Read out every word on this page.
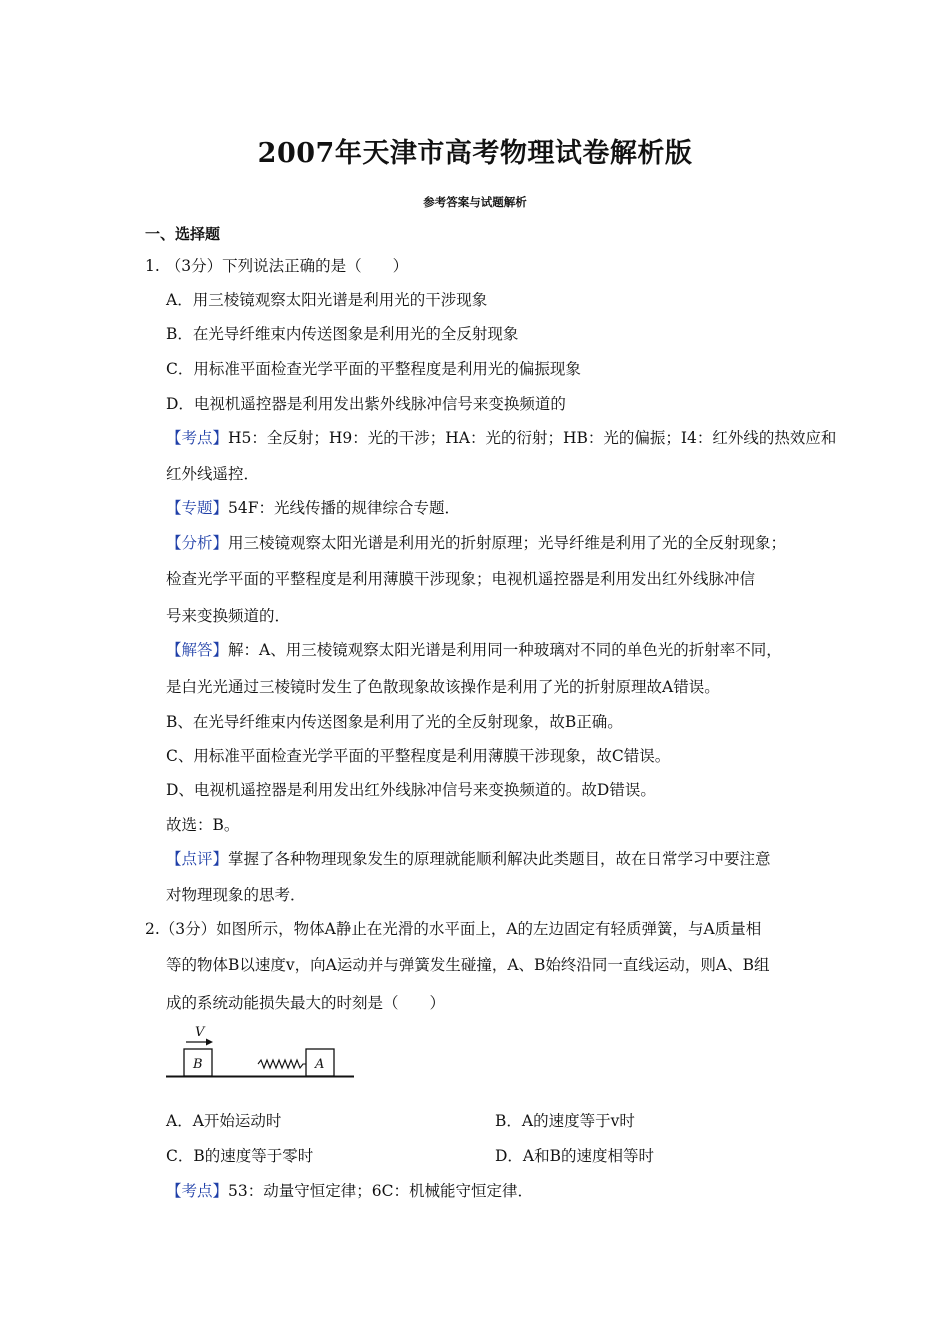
2007年天津市高考物理试卷解析版
参考答案与试题解析
一、选择题
1. （3分）下列说法正确的是（　　）
A．用三棱镜观察太阳光谱是利用光的干涉现象
B．在光导纤维束内传送图象是利用光的全反射现象
C．用标准平面检查光学平面的平整程度是利用光的偏振现象
D．电视机遥控器是利用发出紫外线脉冲信号来变换频道的
【考点】H5：全反射；H9：光的干涉；HA：光的衍射；HB：光的偏振；I4：红外线的热效应和
红外线遥控．
【专题】54F：光线传播的规律综合专题．
【分析】用三棱镜观察太阳光谱是利用光的折射原理；光导纤维是利用了光的全反射现象；
检查光学平面的平整程度是利用薄膜干涉现象；电视机遥控器是利用发出红外线脉冲信
号来变换频道的．
【解答】解：A、用三棱镜观察太阳光谱是利用同一种玻璃对不同的单色光的折射率不同，
是白光光通过三棱镜时发生了色散现象故该操作是利用了光的折射原理故A错误。
B、在光导纤维束内传送图象是利用了光的全反射现象，故B正确。
C、用标准平面检查光学平面的平整程度是利用薄膜干涉现象，故C错误。
D、电视机遥控器是利用发出红外线脉冲信号来变换频道的。故D错误。
故选：B。
【点评】掌握了各种物理现象发生的原理就能顺利解决此类题目，故在日常学习中要注意
对物理现象的思考．
2.（3分）如图所示，物体A静止在光滑的水平面上，A的左边固定有轻质弹簧，与A质量相
等的物体B以速度v，向A运动并与弹簧发生碰撞，A、B始终沿同一直线运动，则A、B组
成的系统动能损失最大的时刻是（　　）
V
B	A
A．A开始运动时	B．A的速度等于v时
C．B的速度等于零时	D．A和B的速度相等时
【考点】53：动量守恒定律；6C：机械能守恒定律．
